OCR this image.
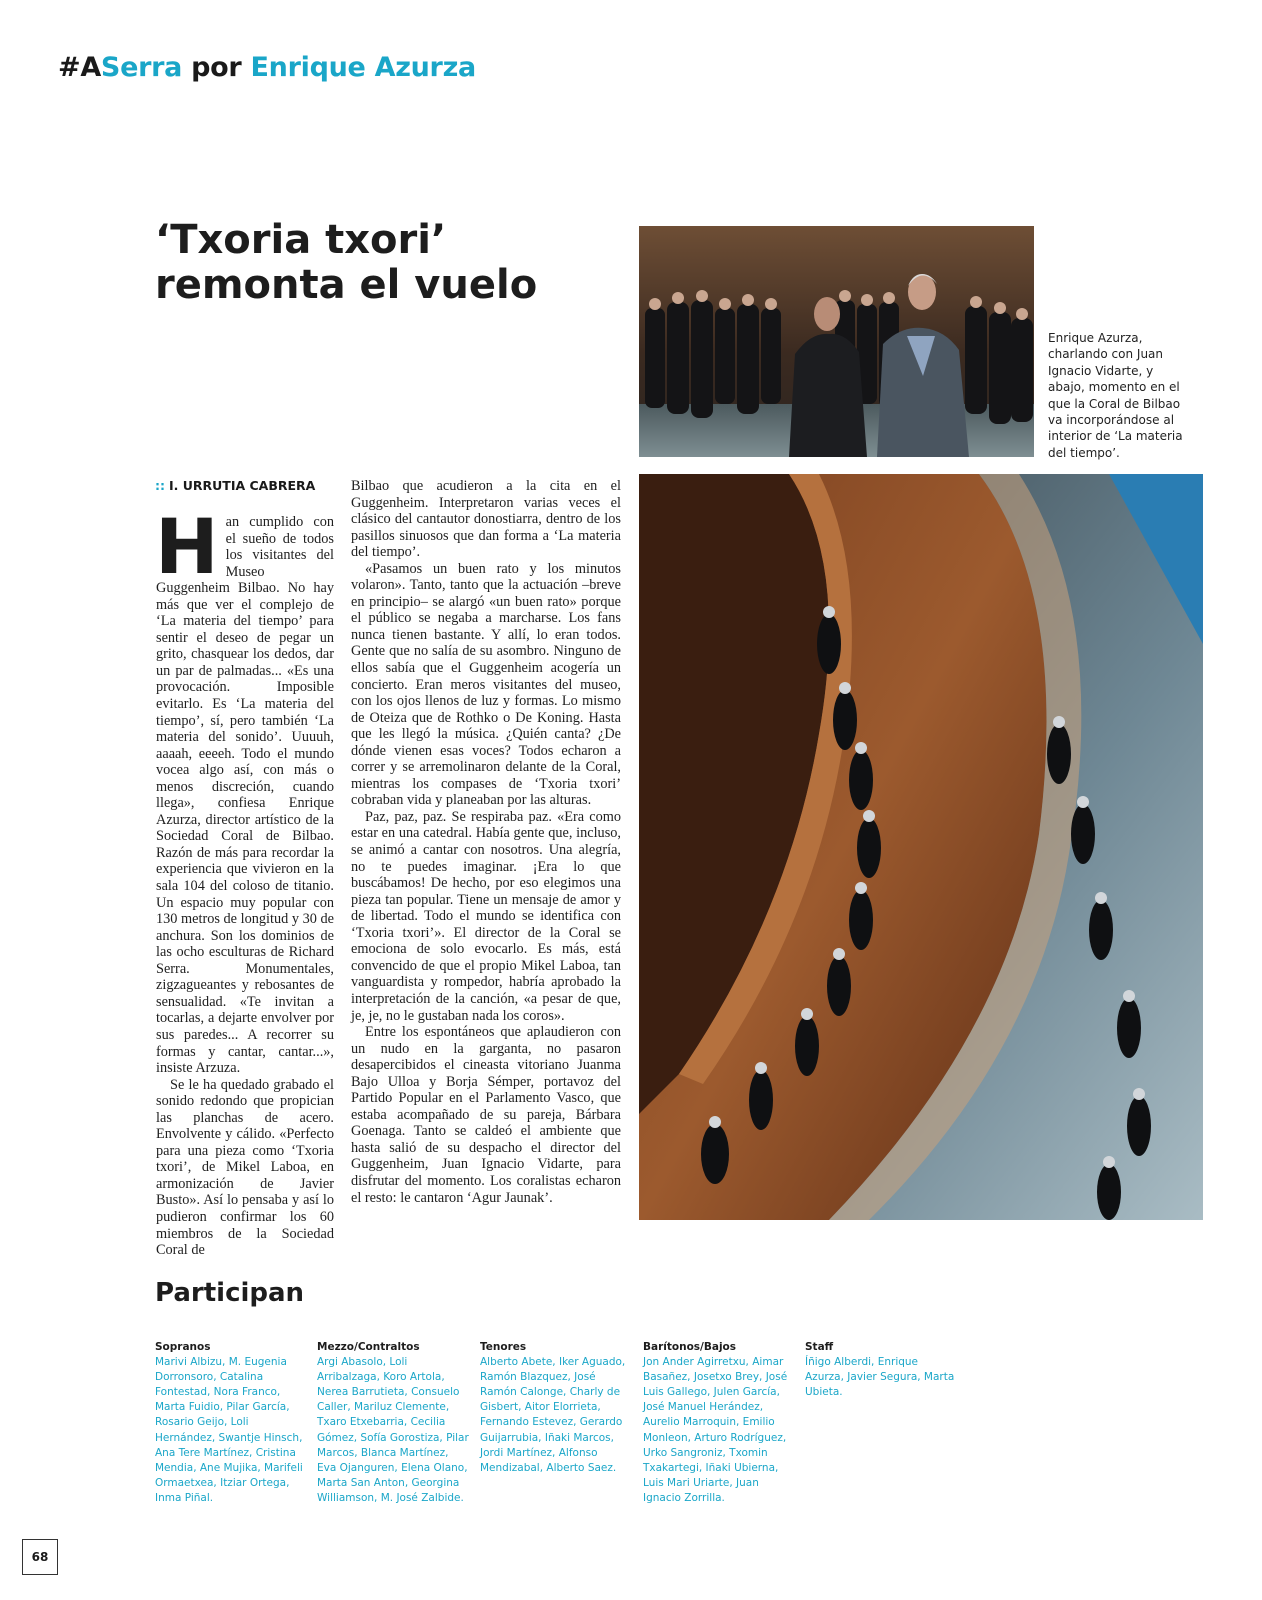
#ASerra por Enrique Azurza
‘Txoria txori’ remonta el vuelo
Enrique Azurza, charlando con Juan Ignacio Vidarte, y abajo, momento en el que la Coral de Bilbao va incorporándose al interior de ‘La materia del tiempo’.
:: I. URRUTIA CABRERA

Han cumplido con el sueño de todos los visitantes del Museo Guggenheim Bilbao. No hay más que ver el complejo de ‘La materia del tiempo’ para sentir el deseo de pegar un grito, chasquear los dedos, dar un par de palmadas... «Es una provocación. Imposible evitarlo. Es ‘La materia del tiempo’, sí, pero también ‘La materia del sonido’. Uuuuh, aaaah, eeeeh. Todo el mundo vocea algo así, con más o menos discreción, cuando llega», confiesa Enrique Azurza, director artístico de la Sociedad Coral de Bilbao. Razón de más para recordar la experiencia que vivieron en la sala 104 del coloso de titanio. Un espacio muy popular con 130 metros de longitud y 30 de anchura. Son los dominios de las ocho esculturas de Richard Serra. Monumentales, zigzagueantes y rebosantes de sensualidad. «Te invitan a tocarlas, a dejarte envolver por sus paredes... A recorrer su formas y cantar, cantar...», insiste Arzuza.

Se le ha quedado grabado el sonido redondo que propician las planchas de acero. Envolvente y cálido. «Perfecto para una pieza como ‘Txoria txori’, de Mikel Laboa, en armonización de Javier Busto». Así lo pensaba y así lo pudieron confirmar los 60 miembros de la Sociedad Coral de

Bilbao que acudieron a la cita en el Guggenheim. Interpretaron varias veces el clásico del cantautor donostiarra, dentro de los pasillos sinuosos que dan forma a ‘La materia del tiempo’.

«Pasamos un buen rato y los minutos volaron». Tanto, tanto que la actuación –breve en principio– se alargó «un buen rato» porque el público se negaba a marcharse. Los fans nunca tienen bastante. Y allí, lo eran todos. Gente que no salía de su asombro. Ninguno de ellos sabía que el Guggenheim acogería un concierto. Eran meros visitantes del museo, con los ojos llenos de luz y formas. Lo mismo de Oteiza que de Rothko o De Koning. Hasta que les llegó la música. ¿Quién canta? ¿De dónde vienen esas voces? Todos echaron a correr y se arremolinaron delante de la Coral, mientras los compases de ‘Txoria txori’ cobraban vida y planeaban por las alturas.

Paz, paz, paz. Se respiraba paz. «Era como estar en una catedral. Había gente que, incluso, se animó a cantar con nosotros. Una alegría, no te puedes imaginar. ¡Era lo que buscábamos! De hecho, por eso elegimos una pieza tan popular. Tiene un mensaje de amor y de libertad. Todo el mundo se identifica con ‘Txoria txori’». El director de la Coral se emociona de solo evocarlo. Es más, está convencido de que el propio Mikel Laboa, tan vanguardista y rompedor, habría aprobado la interpretación de la canción, «a pesar de que, je, je, no le gustaban nada los coros».

Entre los espontáneos que aplaudieron con un nudo en la garganta, no pasaron desapercibidos el cineasta vitoriano Juanma Bajo Ulloa y Borja Sémper, portavoz del Partido Popular en el Parlamento Vasco, que estaba acompañado de su pareja, Bárbara Goenaga. Tanto se caldeó el ambiente que hasta salió de su despacho el director del Guggenheim, Juan Ignacio Vidarte, para disfrutar del momento. Los coralistas echaron el resto: le cantaron ‘Agur Jaunak’.

Participan
Sopranos
Marivi Albizu, M. Eugenia Dorronsoro, Catalina Fontestad, Nora Franco, Marta Fuidio, Pilar García, Rosario Geijo, Loli Hernández, Swantje Hinsch, Ana Tere Martínez, Cristina Mendia, Ane Mujika, Marifeli Ormaetxea, Itziar Ortega, Inma Piñal.
Mezzo/Contraltos
Argi Abasolo, Loli Arribalzaga, Koro Artola, Nerea Barrutieta, Consuelo Caller, Mariluz Clemente, Txaro Etxebarria, Cecilia Gómez, Sofía Gorostiza, Pilar Marcos, Blanca Martínez, Eva Ojanguren, Elena Olano, Marta San Anton, Georgina Williamson, M. José Zalbide.
Tenores
Alberto Abete, Iker Aguado, Ramón Blazquez, José Ramón Calonge, Charly de Gisbert, Aitor Elorrieta, Fernando Estevez, Gerardo Guijarrubia, Iñaki Marcos, Jordi Martínez, Alfonso Mendizabal, Alberto Saez.
Barítonos/Bajos
Jon Ander Agirretxu, Aimar Basañez, Josetxo Brey, José Luis Gallego, Julen García, José Manuel Herández, Aurelio Marroquin, Emilio Monleon, Arturo Rodríguez, Urko Sangroniz, Txomin Txakartegi, Iñaki Ubierna, Luis Mari Uriarte, Juan Ignacio Zorrilla.
Staff
Íñigo Alberdi, Enrique Azurza, Javier Segura, Marta Ubieta.
68
